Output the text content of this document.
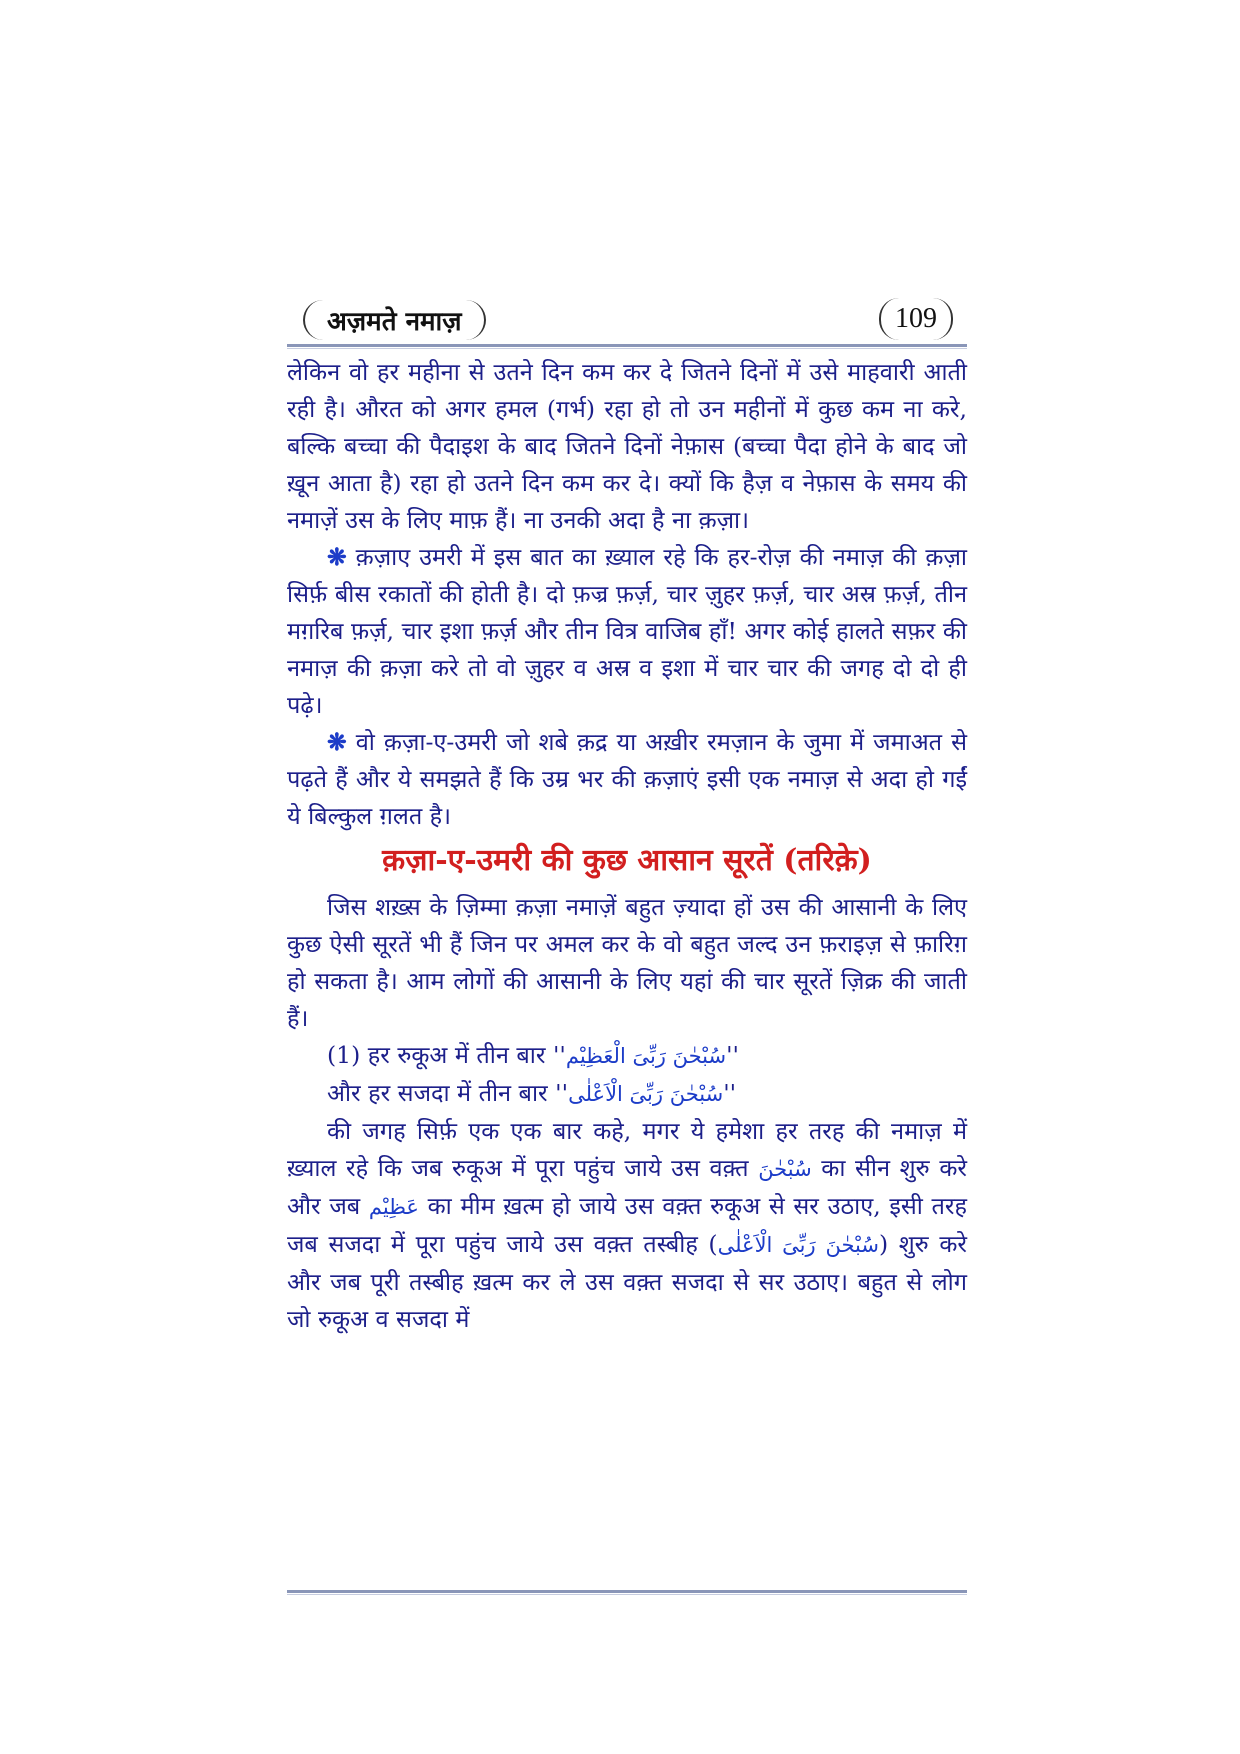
अज़मते नमाज़	109

लेकिन वो हर महीना से उतने दिन कम कर दे जितने दिनों में उसे माहवारी आती रही है। औरत को अगर हमल (गर्भ) रहा हो तो उन महीनों में कुछ कम ना करे, बल्कि बच्चा की पैदाइश के बाद जितने दिनों नेफ़ास (बच्चा पैदा होने के बाद जो ख़ून आता है) रहा हो उतने दिन कम कर दे। क्यों कि हैज़ व नेफ़ास के समय की नमाज़ें उस के लिए माफ़ हैं। ना उनकी अदा है ना क़ज़ा।

❋ क़ज़ाए उमरी में इस बात का ख़्याल रहे कि हर-रोज़ की नमाज़ की क़ज़ा सिर्फ़ बीस रकातों की होती है। दो फ़ज्र फ़र्ज़, चार ज़ुहर फ़र्ज़, चार अस्र फ़र्ज़, तीन मग़रिब फ़र्ज़, चार इशा फ़र्ज़ और तीन वित्र वाजिब हाँ! अगर कोई हालते सफ़र की नमाज़ की क़ज़ा करे तो वो ज़ुहर व अस्र व इशा में चार चार की जगह दो दो ही पढ़े।

❋ वो क़ज़ा-ए-उमरी जो शबे क़द्र या अख़ीर रमज़ान के जुमा में जमाअत से पढ़ते हैं और ये समझते हैं कि उम्र भर की क़ज़ाएं इसी एक नमाज़ से अदा हो गईं ये बिल्कुल ग़लत है।

क़ज़ा-ए-उमरी की कुछ आसान सूरतें (तरिक़े)

जिस शख़्स के ज़िम्मा क़ज़ा नमाज़ें बहुत ज़्यादा हों उस की आसानी के लिए कुछ ऐसी सूरतें भी हैं जिन पर अमल कर के वो बहुत जल्द उन फ़राइज़ से फ़ारिग़ हो सकता है। आम लोगों की आसानी के लिए यहां की चार सूरतें ज़िक्र की जाती हैं।

(1) हर रुकूअ में तीन बार ''سُبْحٰنَ رَبِّیَ الْعَظِیْم''

और हर सजदा में तीन बार ''سُبْحٰنَ رَبِّیَ الْاَعْلٰی''

की जगह सिर्फ़ एक एक बार कहे, मगर ये हमेशा हर तरह की नमाज़ में ख़्याल रहे कि जब रुकूअ में पूरा पहुंच जाये उस वक़्त سُبْحٰنَ का सीन शुरु करे और जब عَظِیْم का मीम ख़त्म हो जाये उस वक़्त रुकूअ से सर उठाए, इसी तरह जब सजदा में पूरा पहुंच जाये उस वक़्त तस्बीह (سُبْحٰنَ رَبِّیَ الْاَعْلٰی) शुरु करे और जब पूरी तस्बीह ख़त्म कर ले उस वक़्त सजदा से सर उठाए। बहुत से लोग जो रुकूअ व सजदा में
